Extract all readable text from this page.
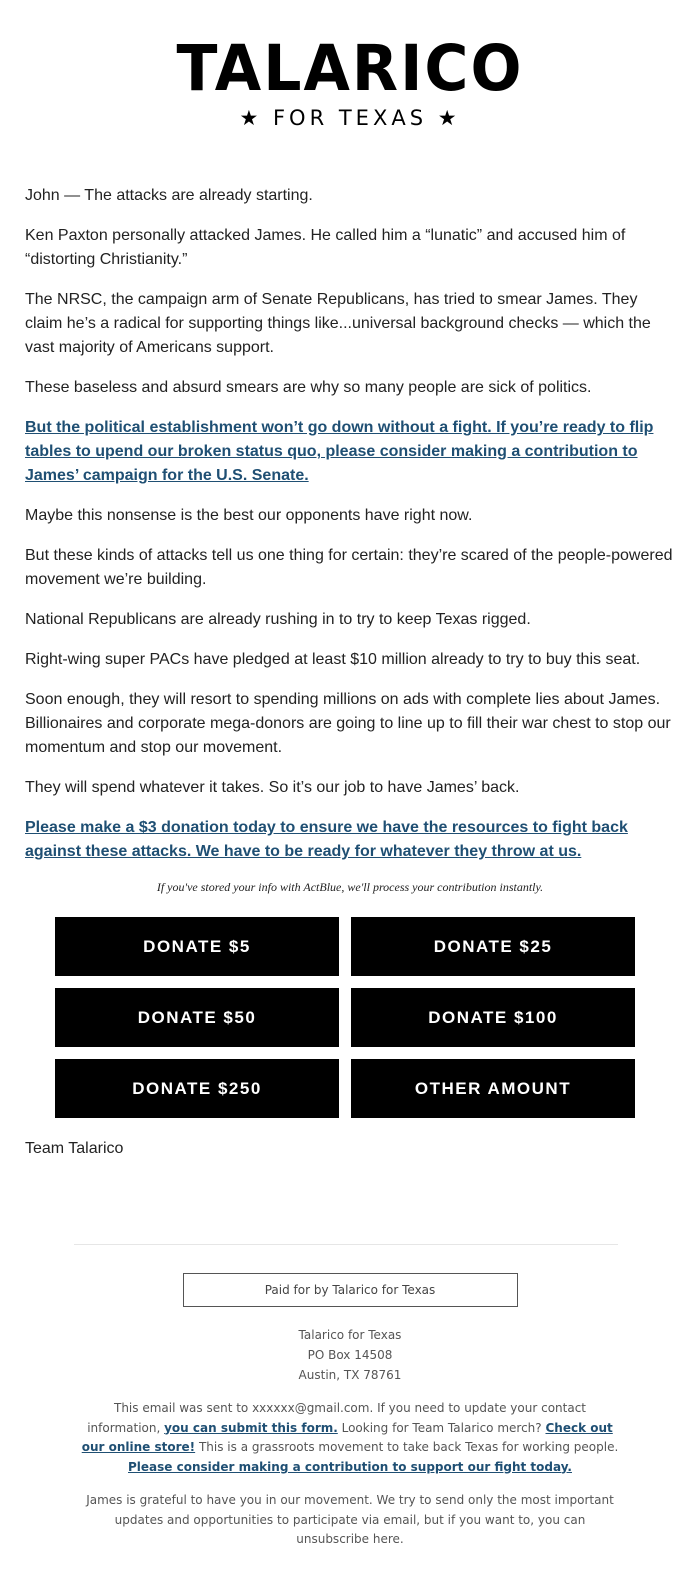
TALARICO
★ FOR TEXAS ★

John — The attacks are already starting.

Ken Paxton personally attacked James. He called him a “lunatic” and accused him of “distorting Christianity.”

The NRSC, the campaign arm of Senate Republicans, has tried to smear James. They claim he’s a radical for supporting things like...universal background checks — which the vast majority of Americans support.

These baseless and absurd smears are why so many people are sick of politics.

But the political establishment won’t go down without a fight. If you’re ready to flip tables to upend our broken status quo, please consider making a contribution to James’ campaign for the U.S. Senate.

Maybe this nonsense is the best our opponents have right now.

But these kinds of attacks tell us one thing for certain: they’re scared of the people-powered movement we’re building.

National Republicans are already rushing in to try to keep Texas rigged.

Right-wing super PACs have pledged at least $10 million already to try to buy this seat.

Soon enough, they will resort to spending millions on ads with complete lies about James. Billionaires and corporate mega-donors are going to line up to fill their war chest to stop our momentum and stop our movement.

They will spend whatever it takes. So it’s our job to have James’ back.

Please make a $3 donation today to ensure we have the resources to fight back against these attacks. We have to be ready for whatever they throw at us.

If you've stored your info with ActBlue, we'll process your contribution instantly.
DONATE $5	DONATE $25
DONATE $50	DONATE $100
DONATE $250	OTHER AMOUNT
Team Talarico
Paid for by Talarico for Texas
Talarico for Texas
PO Box 14508
Austin, TX 78761
This email was sent to xxxxxx@gmail.com. If you need to update your contact information, you can submit this form. Looking for Team Talarico merch? Check out our online store! This is a grassroots movement to take back Texas for working people. Please consider making a contribution to support our fight today.
James is grateful to have you in our movement. We try to send only the most important updates and opportunities to participate via email, but if you want to, you can unsubscribe here.
